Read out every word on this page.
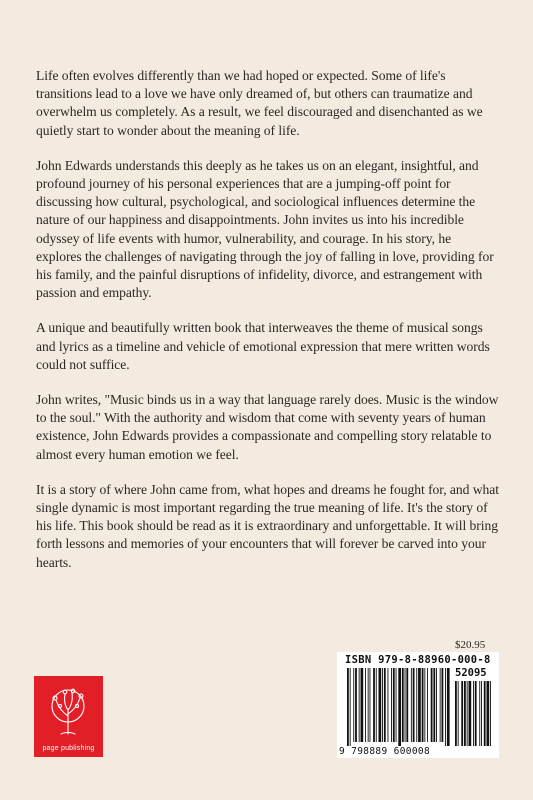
Life often evolves differently than we had hoped or expected. Some of life's transitions lead to a love we have only dreamed of, but others can traumatize and overwhelm us completely. As a result, we feel discouraged and disenchanted as we quietly start to wonder about the meaning of life.

John Edwards understands this deeply as he takes us on an elegant, insightful, and profound journey of his personal experiences that are a jumping-off point for discussing how cultural, psychological, and sociological influences determine the nature of our happiness and disappointments. John invites us into his incredible odyssey of life events with humor, vulnerability, and courage. In his story, he explores the challenges of navigating through the joy of falling in love, providing for his family, and the painful disruptions of infidelity, divorce, and estrangement with passion and empathy.

A unique and beautifully written book that interweaves the theme of musical songs and lyrics as a timeline and vehicle of emotional expression that mere written words could not suffice.

John writes, "Music binds us in a way that language rarely does. Music is the window to the soul." With the authority and wisdom that come with seventy years of human existence, John Edwards provides a compassionate and compelling story relatable to almost every human emotion we feel.

It is a story of where John came from, what hopes and dreams he fought for, and what single dynamic is most important regarding the true meaning of life. It's the story of his life. This book should be read as it is extraordinary and unforgettable. It will bring forth lessons and memories of your encounters that will forever be carved into your hearts.

$20.95
ISBN 979-8-88960-000-8
52095
9 798889 600008
page publishing
